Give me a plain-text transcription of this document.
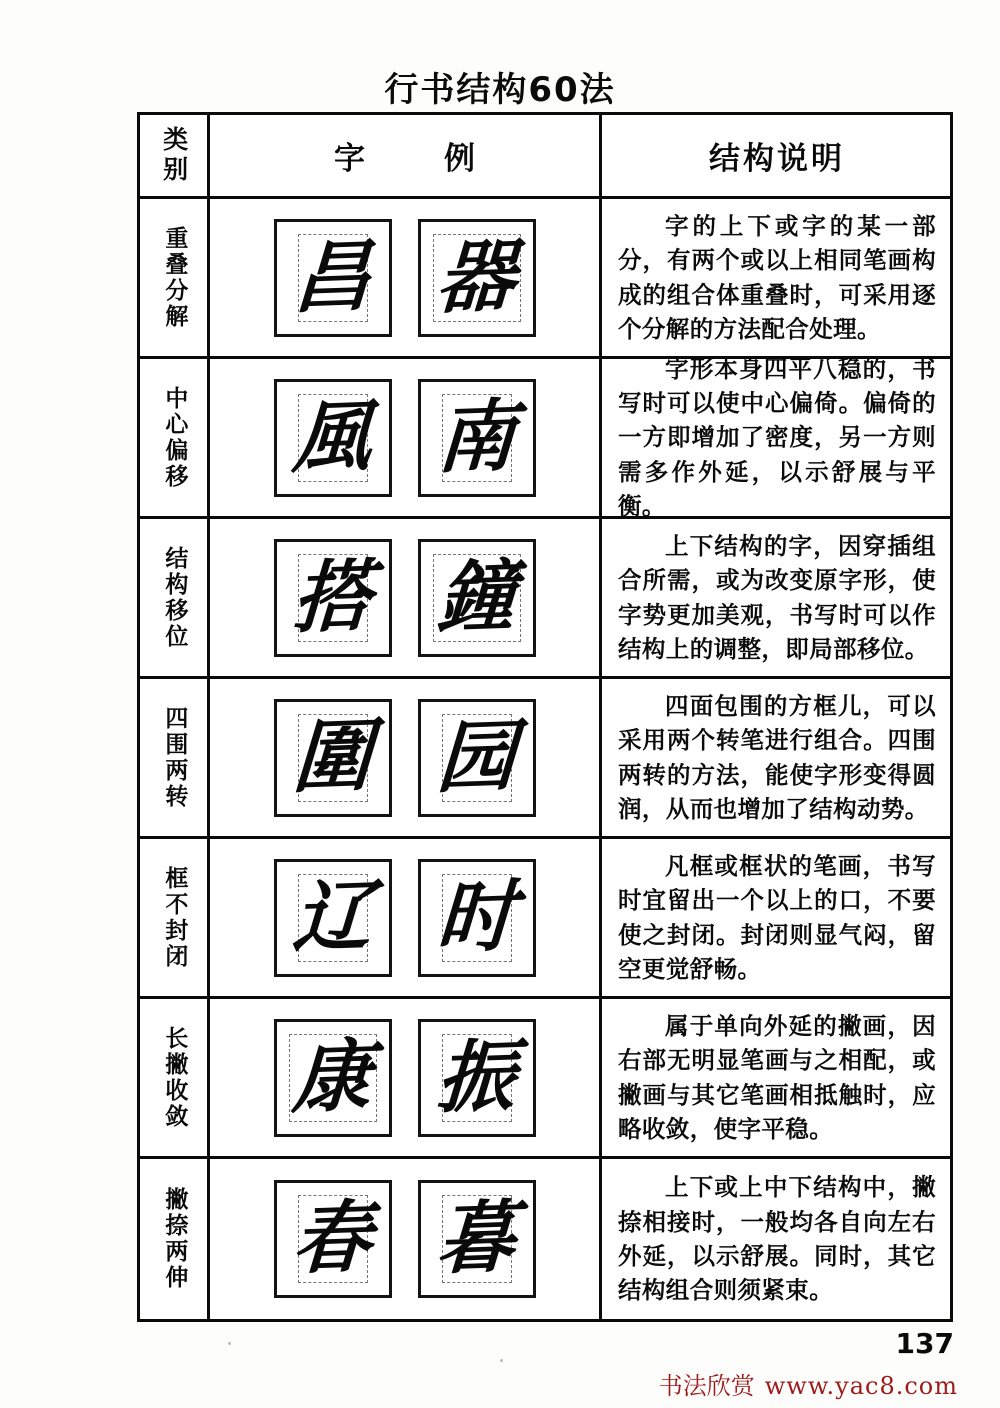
行书结构60法
类别	字　例	结构说明
重叠分解 昌 器

字的上下或字的某一部分，有两个或以上相同笔画构成的组合体重叠时，可采用逐个分解的方法配合处理。

中心偏移 風 南

字形本身四平八稳的，书写时可以使中心偏倚。偏倚的一方即增加了密度，另一方则需多作外延，以示舒展与平衡。

结构移位 搭 鐘

上下结构的字，因穿插组合所需，或为改变原字形，使字势更加美观，书写时可以作结构上的调整，即局部移位。

四围两转 圍 园

四面包围的方框儿，可以采用两个转笔进行组合。四围两转的方法，能使字形变得圆润，从而也增加了结构动势。

框不封闭 辽 时

凡框或框状的笔画，书写时宜留出一个以上的口，不要使之封闭。封闭则显气闷，留空更觉舒畅。

长撇收敛 康 振

属于单向外延的撇画，因右部无明显笔画与之相配，或撇画与其它笔画相抵触时，应略收敛，使字平稳。

撇捺两伸 春 暮

上下或上中下结构中，撇捺相接时，一般均各自向左右外延，以示舒展。同时，其它结构组合则须紧束。

137
书法欣赏 www.yac8.com
